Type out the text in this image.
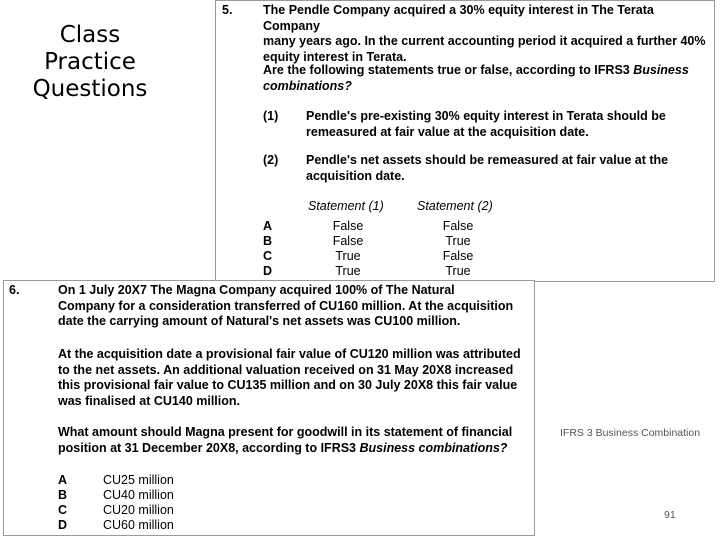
Class
Practice
Questions
5. The Pendle Company acquired a 30% equity interest in The Terata Company
many years ago. In the current accounting period it acquired a further 40%
equity interest in Terata.
Are the following statements true or false, according to IFRS3 Business
combinations?
(1) Pendle's pre-existing 30% equity interest in Terata should be
remeasured at fair value at the acquisition date.
(2) Pendle's net assets should be remeasured at fair value at the
acquisition date.
Statement (1)	Statement (2)
A	False	False
B	False	True
C	True	False
D	True	True
6.	On 1 July 20X7 The Magna Company acquired 100% of The Natural
Company for a consideration transferred of CU160 million. At the acquisition
date the carrying amount of Natural's net assets was CU100 million.
At the acquisition date a provisional fair value of CU120 million was attributed
to the net assets. An additional valuation received on 31 May 20X8 increased
this provisional fair value to CU135 million and on 30 July 20X8 this fair value
was finalised at CU140 million.
What amount should Magna present for goodwill in its statement of financial
position at 31 December 20X8, according to IFRS3 Business combinations?
A	CU25 million
B	CU40 million
C	CU20 million
D	CU60 million
IFRS 3 Business Combination
91
